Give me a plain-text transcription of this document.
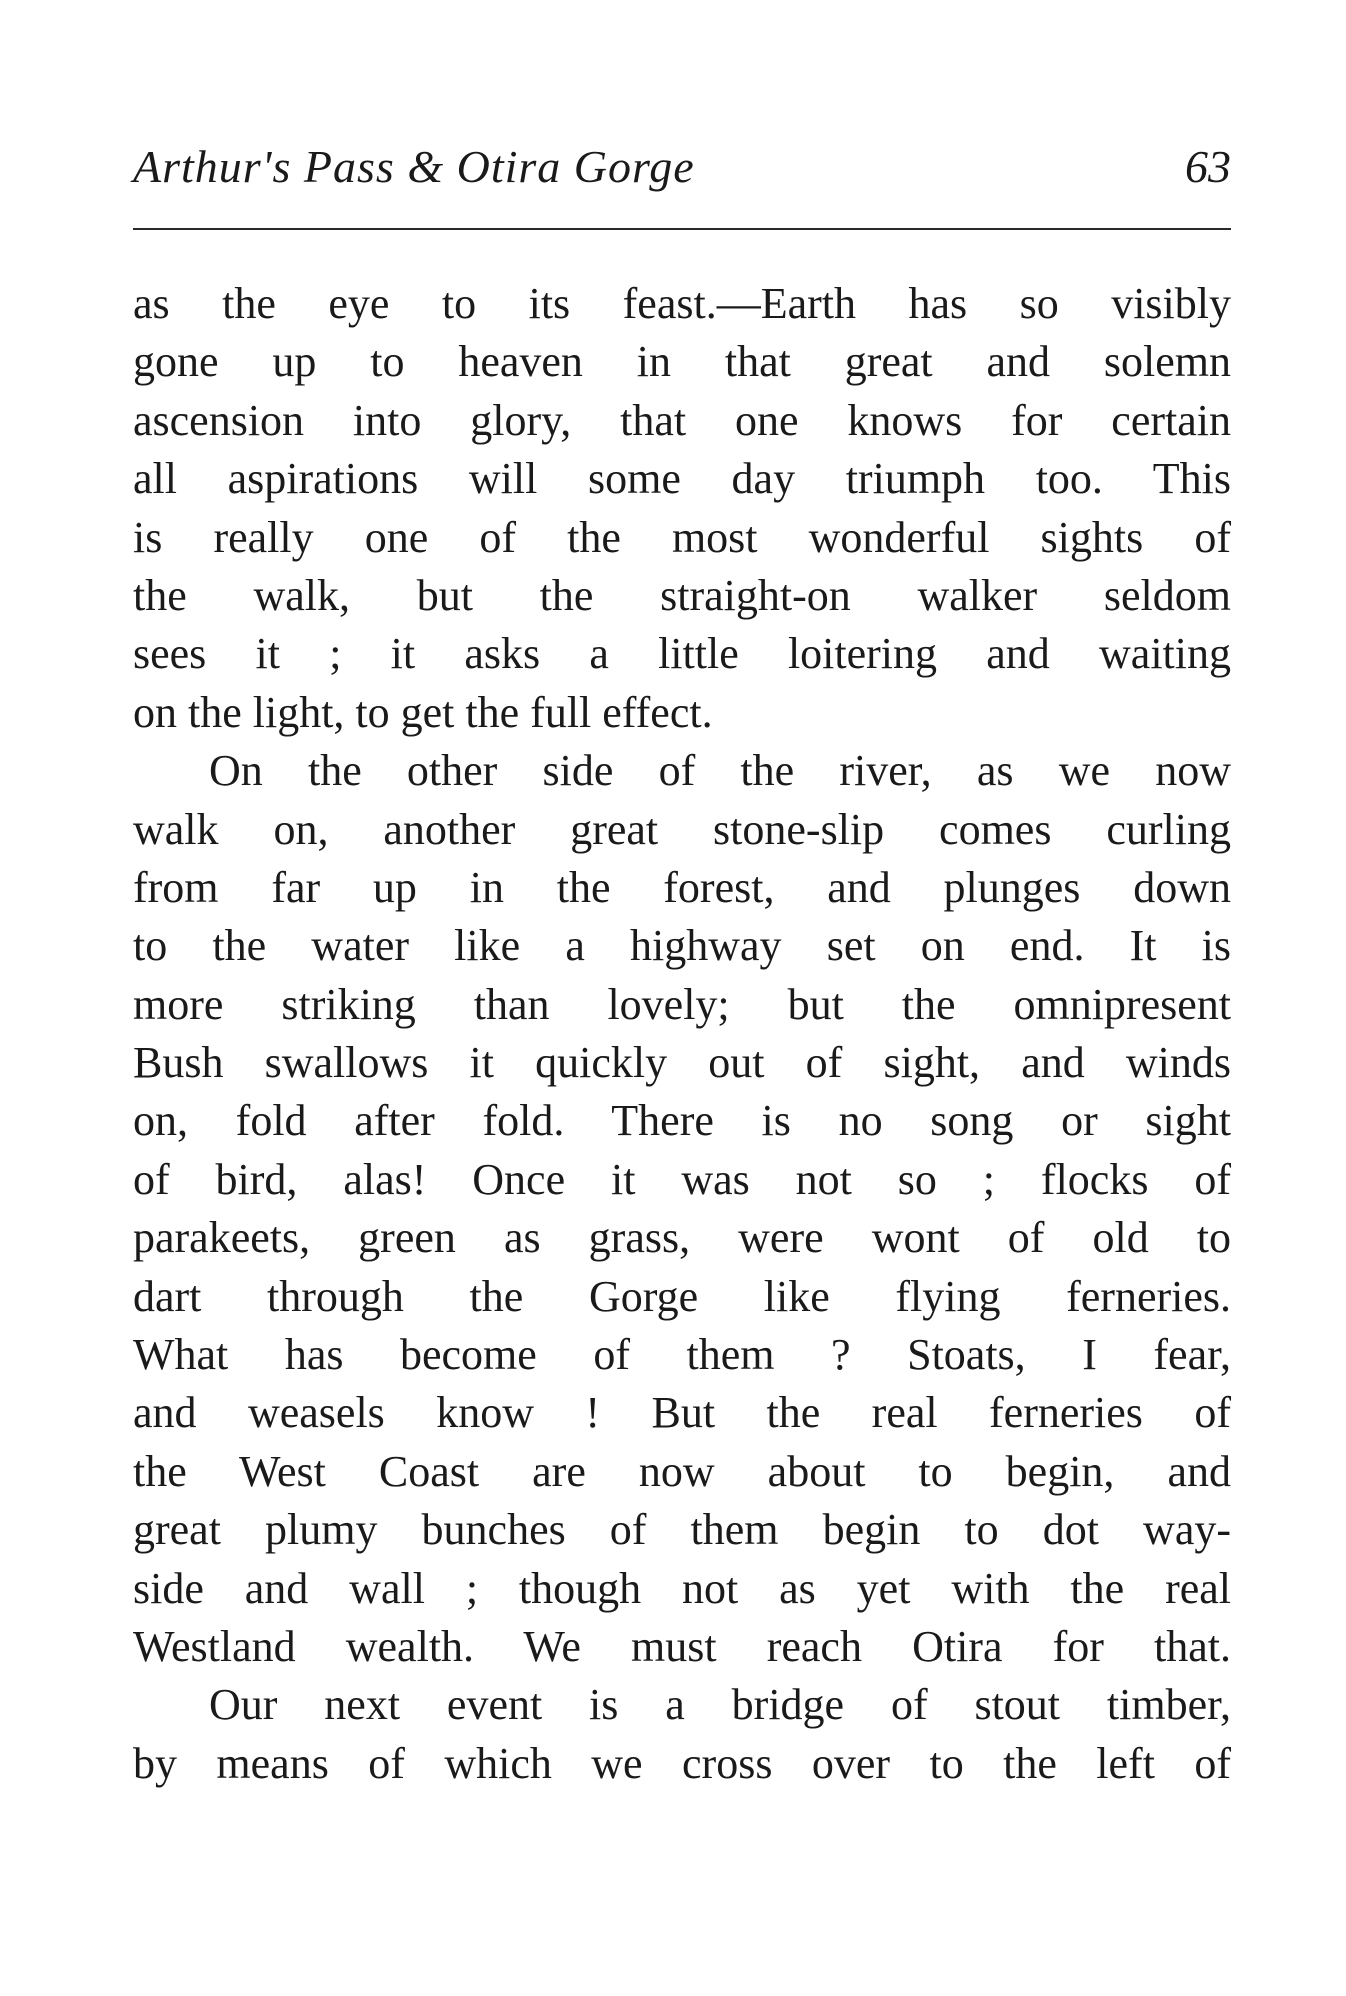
Arthur's Pass & Otira Gorge	63
as the eye to its feast.—Earth has so visibly
gone up to heaven in that great and solemn
ascension into glory, that one knows for certain
all aspirations will some day triumph too. This
is really one of the most wonderful sights of
the walk, but the straight-on walker seldom
sees it ; it asks a little loitering and waiting
on the light, to get the full effect.
On the other side of the river, as we now
walk on, another great stone-slip comes curling
from far up in the forest, and plunges down
to the water like a highway set on end. It is
more striking than lovely; but the omnipresent
Bush swallows it quickly out of sight, and winds
on, fold after fold. There is no song or sight
of bird, alas! Once it was not so ; flocks of
parakeets, green as grass, were wont of old to
dart through the Gorge like flying ferneries.
What has become of them ? Stoats, I fear,
and weasels know ! But the real ferneries of
the West Coast are now about to begin, and
great plumy bunches of them begin to dot way-
side and wall ; though not as yet with the real
Westland wealth. We must reach Otira for that.
Our next event is a bridge of stout timber,
by means of which we cross over to the left of
